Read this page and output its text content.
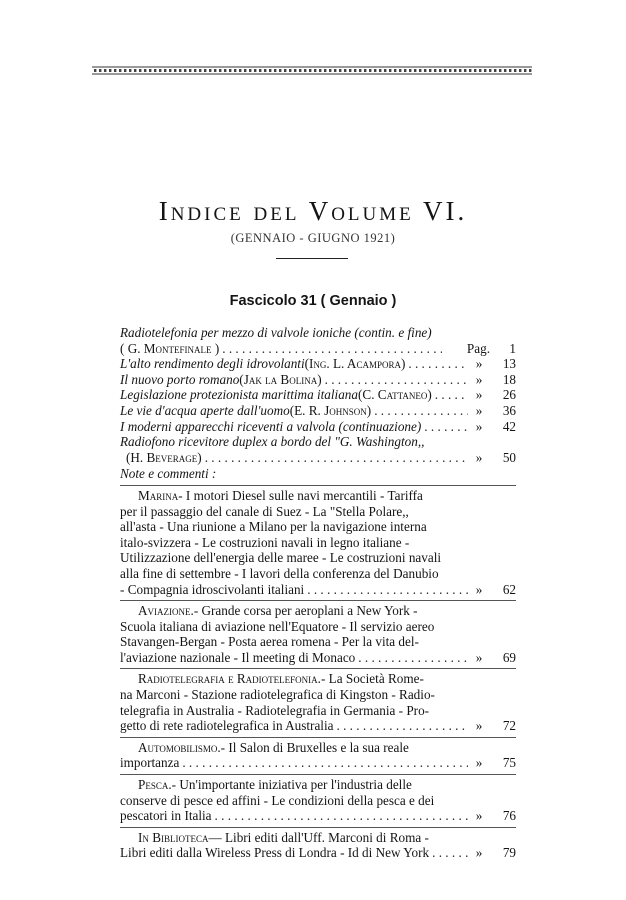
Indice del Volume VI.
(GENNAIO - GIUGNO 1921)
Fascicolo 31 ( Gennaio )
Radiotelefonia per mezzo di valvole ioniche (contin. e fine)
( G. Montefinale ) . . .	Pag.	1
L'alto rendimento degli idrovolanti (Ing. L. Acampora) . . .	»	13
Il nuovo porto romano (Jak la Bolina) . . .	»	18
Legislazione protezionista marittima italiana (C. Cattaneo) . . .	»	26
Le vie d'acqua aperte dall'uomo (E. R. Johnson) . . .	»	36
I moderni apparecchi riceventi a valvola (continuazione) . . .	»	42
Radiofono ricevitore duplex a bordo del "G. Washington,,
(H. Beverage) . . .	»	50
Note e commenti :
Marina - I motori Diesel sulle navi mercantili - Tariffa
per il passaggio del canale di Suez - La "Stella Polare,,
all'asta - Una riunione a Milano per la navigazione interna
italo-svizzera - Le costruzioni navali in legno italiane -
Utilizzazione dell'energia delle maree - Le costruzioni navali
alla fine di settembre - I lavori della conferenza del Danubio
- Compagnia idroscivolanti italiani . . .	»	62
Aviazione. - Grande corsa per aeroplani a New York -
Scuola italiana di aviazione nell'Equatore - Il servizio aereo
Stavangen-Bergan - Posta aerea romena - Per la vita del-
l'aviazione nazionale - Il meeting di Monaco . . .	»	69
Radiotelegrafia e Radiotelefonia. - La Società Rome-
na Marconi - Stazione radiotelegrafica di Kingston - Radio-
telegrafia in Australia - Radiotelegrafia in Germania - Pro-
getto di rete radiotelegrafica in Australia . . .	»	72
Automobilismo. - Il Salon di Bruxelles e la sua reale
importanza . . .	»	75
Pesca. - Un'importante iniziativa per l'industria delle
conserve di pesce ed affini - Le condizioni della pesca e dei
pescatori in Italia . . .	»	76
In Biblioteca — Libri editi dall'Uff. Marconi di Roma -
Libri editi dalla Wireless Press di Londra - Id di New York . . .	»	79
